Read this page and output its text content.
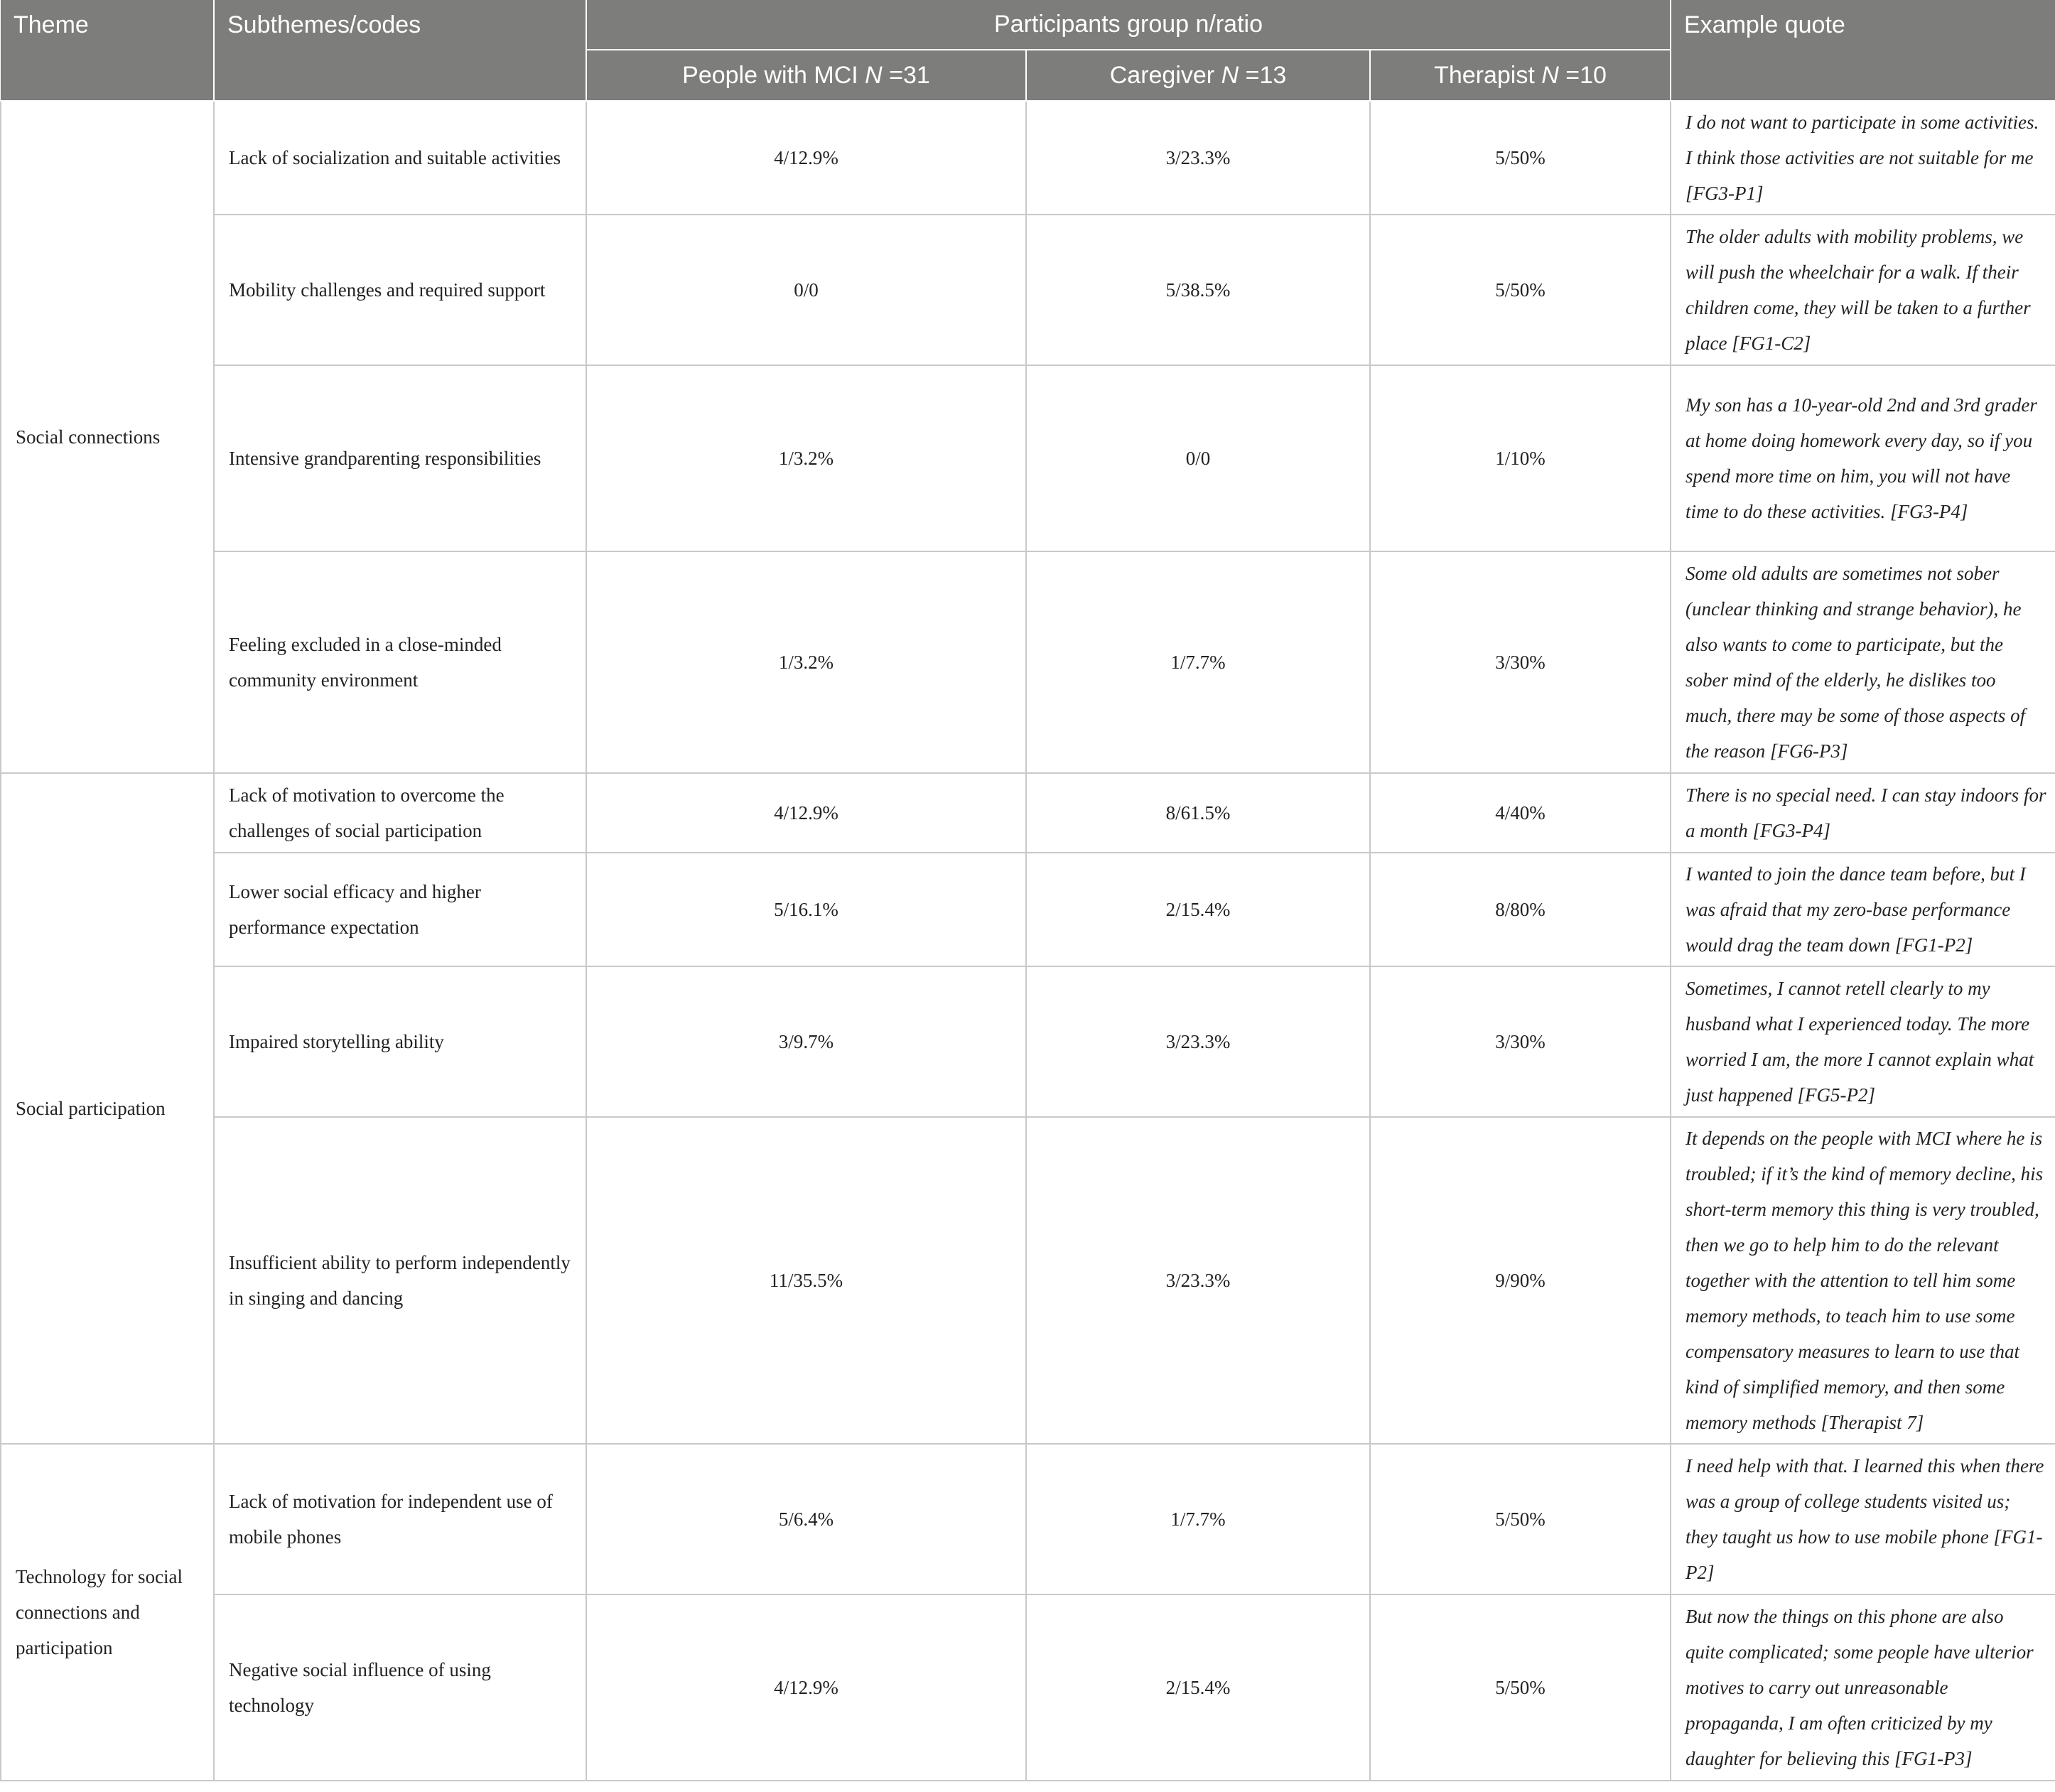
Theme	Subthemes/codes	Participants group n/ratio			Example quote
		People with MCI N =31	Caregiver N =13	Therapist N =10	
Social connections	Lack of socialization and suitable activities	4/12.9%	3/23.3%	5/50%	I do not want to participate in some activities. I think those activities are not suitable for me [FG3-P1]
	Mobility challenges and required support	0/0	5/38.5%	5/50%	The older adults with mobility problems, we will push the wheelchair for a walk. If their children come, they will be taken to a further place [FG1-C2]
	Intensive grandparenting responsibilities	1/3.2%	0/0	1/10%	My son has a 10-year-old 2nd and 3rd grader at home doing homework every day, so if you spend more time on him, you will not have time to do these activities. [FG3-P4]
	Feeling excluded in a close-minded community environment	1/3.2%	1/7.7%	3/30%	Some old adults are sometimes not sober (unclear thinking and strange behavior), he also wants to come to participate, but the sober mind of the elderly, he dislikes too much, there may be some of those aspects of the reason [FG6-P3]
Social participation	Lack of motivation to overcome the challenges of social participation	4/12.9%	8/61.5%	4/40%	There is no special need. I can stay indoors for a month [FG3-P4]
	Lower social efficacy and higher performance expectation	5/16.1%	2/15.4%	8/80%	I wanted to join the dance team before, but I was afraid that my zero-base performance would drag the team down [FG1-P2]
	Impaired storytelling ability	3/9.7%	3/23.3%	3/30%	Sometimes, I cannot retell clearly to my husband what I experienced today. The more worried I am, the more I cannot explain what just happened [FG5-P2]
	Insufficient ability to perform independently in singing and dancing	11/35.5%	3/23.3%	9/90%	It depends on the people with MCI where he is troubled; if it’s the kind of memory decline, his short-term memory this thing is very troubled, then we go to help him to do the relevant together with the attention to tell him some memory methods, to teach him to use some compensatory measures to learn to use that kind of simplified memory, and then some memory methods [Therapist 7]
Technology for social connections and participation	Lack of motivation for independent use of mobile phones	5/6.4%	1/7.7%	5/50%	I need help with that. I learned this when there was a group of college students visited us; they taught us how to use mobile phone [FG1-P2]
	Negative social influence of using technology	4/12.9%	2/15.4%	5/50%	But now the things on this phone are also quite complicated; some people have ulterior motives to carry out unreasonable propaganda, I am often criticized by my daughter for believing this [FG1-P3]
